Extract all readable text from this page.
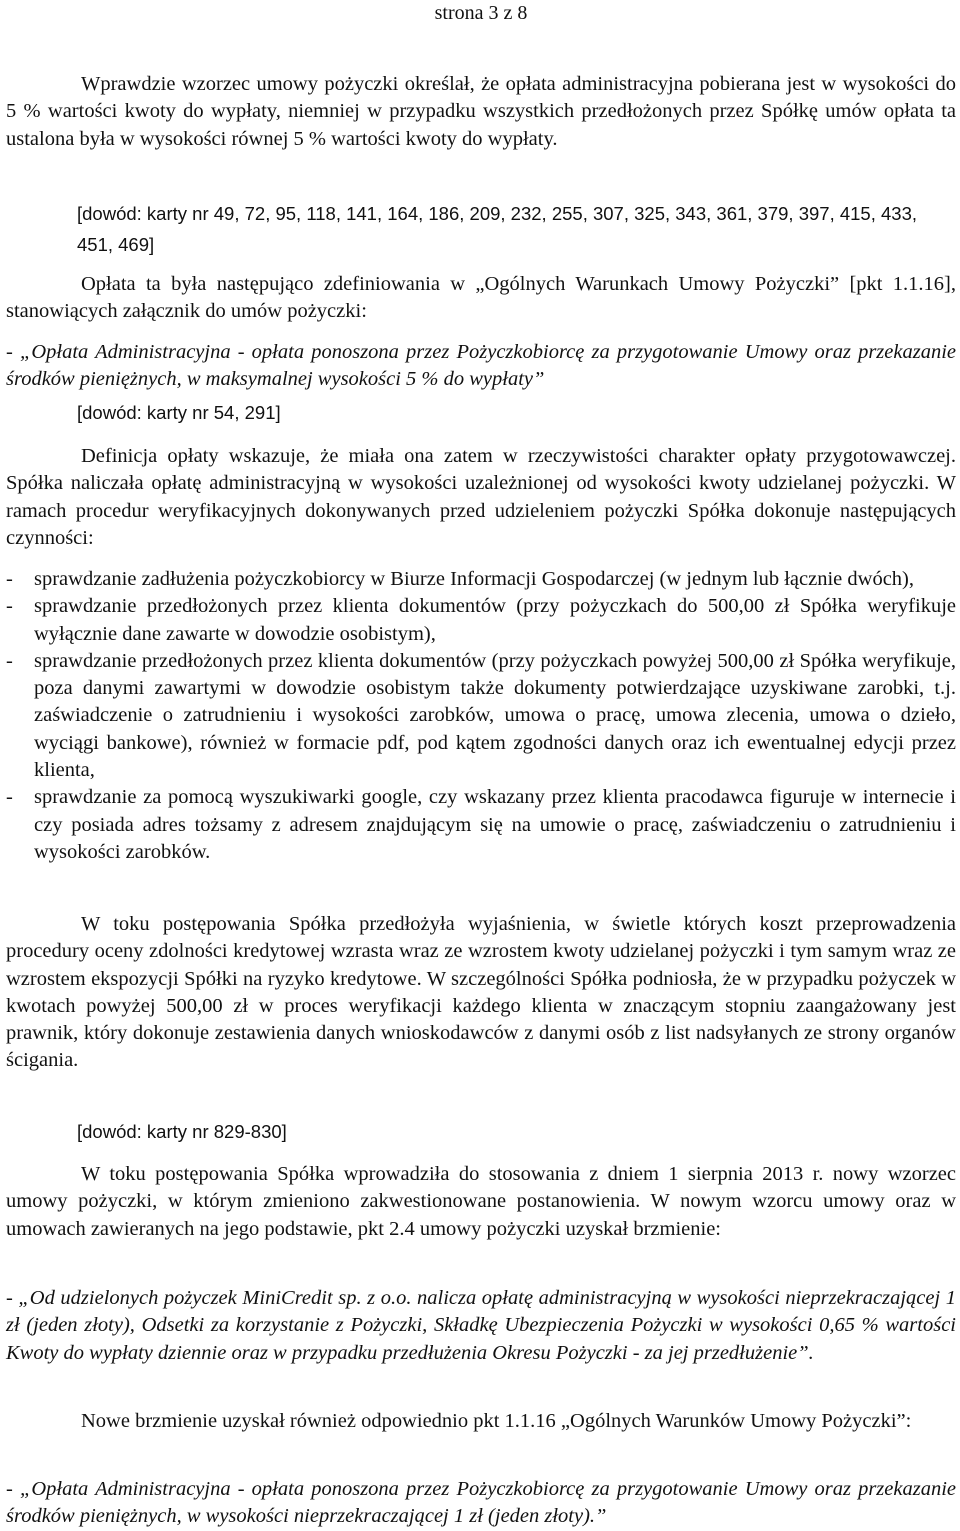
strona 3 z 8

Wprawdzie wzorzec umowy pożyczki określał, że opłata administracyjna pobierana jest w wysokości do 5 % wartości kwoty do wypłaty, niemniej w przypadku wszystkich przedłożonych przez Spółkę umów opłata ta ustalona była w wysokości równej 5 % wartości kwoty do wypłaty.

[dowód: karty nr 49, 72, 95, 118, 141, 164, 186, 209, 232, 255, 307, 325, 343, 361, 379, 397, 415, 433, 451, 469]

Opłata ta była następująco zdefiniowania w „Ogólnych Warunkach Umowy Pożyczki” [pkt 1.1.16], stanowiących załącznik do umów pożyczki:

- „Opłata Administracyjna - opłata ponoszona przez Pożyczkobiorcę za przygotowanie Umowy oraz przekazanie środków pieniężnych, w maksymalnej wysokości 5 % do wypłaty”

[dowód: karty nr 54, 291]

Definicja opłaty wskazuje, że miała ona zatem w rzeczywistości charakter opłaty przygotowawczej. Spółka naliczała opłatę administracyjną w wysokości uzależnionej od wysokości kwoty udzielanej pożyczki. W ramach procedur weryfikacyjnych dokonywanych przed udzieleniem pożyczki Spółka dokonuje następujących czynności:

- sprawdzanie zadłużenia pożyczkobiorcy w Biurze Informacji Gospodarczej (w jednym lub łącznie dwóch),
- sprawdzanie przedłożonych przez klienta dokumentów (przy pożyczkach do 500,00 zł Spółka weryfikuje wyłącznie dane zawarte w dowodzie osobistym),
- sprawdzanie przedłożonych przez klienta dokumentów (przy pożyczkach powyżej 500,00 zł Spółka weryfikuje, poza danymi zawartymi w dowodzie osobistym także dokumenty potwierdzające uzyskiwane zarobki, t.j. zaświadczenie o zatrudnieniu i wysokości zarobków, umowa o pracę, umowa zlecenia, umowa o dzieło, wyciągi bankowe), również w formacie pdf, pod kątem zgodności danych oraz ich ewentualnej edycji przez klienta,
- sprawdzanie za pomocą wyszukiwarki google, czy wskazany przez klienta pracodawca figuruje w internecie i czy posiada adres tożsamy z adresem znajdującym się na umowie o pracę, zaświadczeniu o zatrudnieniu i wysokości zarobków.

W toku postępowania Spółka przedłożyła wyjaśnienia, w świetle których koszt przeprowadzenia procedury oceny zdolności kredytowej wzrasta wraz ze wzrostem kwoty udzielanej pożyczki i tym samym wraz ze wzrostem ekspozycji Spółki na ryzyko kredytowe. W szczególności Spółka podniosła, że w przypadku pożyczek w kwotach powyżej 500,00 zł w proces weryfikacji każdego klienta w znaczącym stopniu zaangażowany jest prawnik, który dokonuje zestawienia danych wnioskodawców z danymi osób z list nadsyłanych ze strony organów ścigania.

[dowód: karty nr 829-830]

W toku postępowania Spółka wprowadziła do stosowania z dniem 1 sierpnia 2013 r. nowy wzorzec umowy pożyczki, w którym zmieniono zakwestionowane postanowienia. W nowym wzorcu umowy oraz w umowach zawieranych na jego podstawie, pkt 2.4 umowy pożyczki uzyskał brzmienie:

- „Od udzielonych pożyczek MiniCredit sp. z o.o. nalicza opłatę administracyjną w wysokości nieprzekraczającej 1 zł (jeden złoty), Odsetki za korzystanie z Pożyczki, Składkę Ubezpieczenia Pożyczki w wysokości 0,65 % wartości Kwoty do wypłaty dziennie oraz w przypadku przedłużenia Okresu Pożyczki - za jej przedłużenie”.

Nowe brzmienie uzyskał również odpowiednio pkt 1.1.16 „Ogólnych Warunków Umowy Pożyczki”:

- „Opłata Administracyjna - opłata ponoszona przez Pożyczkobiorcę za przygotowanie Umowy oraz przekazanie środków pieniężnych, w wysokości nieprzekraczającej 1 zł (jeden złoty).”
